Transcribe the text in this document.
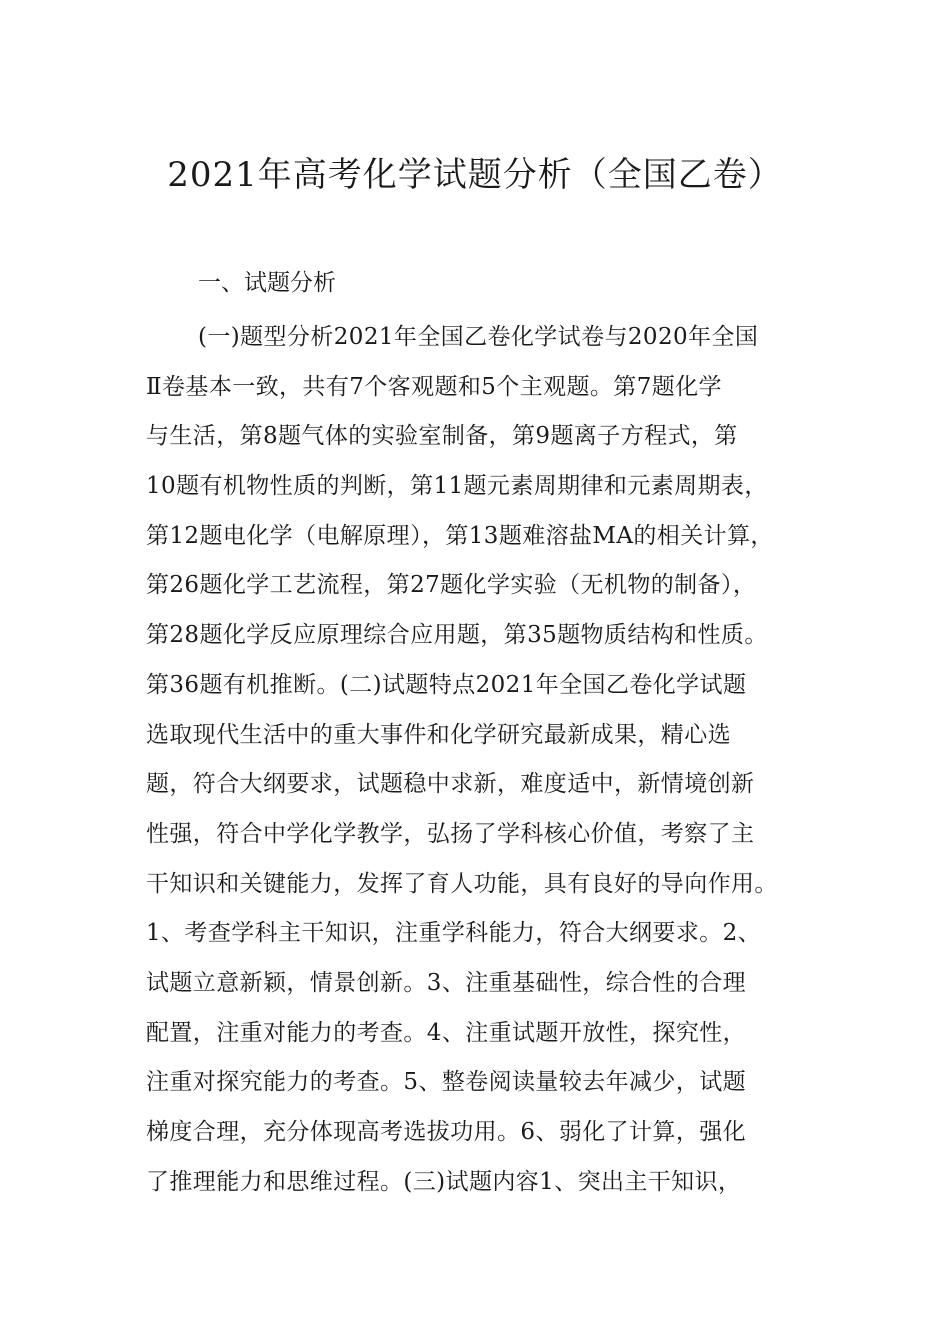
2021年高考化学试题分析（全国乙卷）
一、试题分析
(一)题型分析2021年全国乙卷化学试卷与2020年全国
Ⅱ卷基本一致，共有7个客观题和5个主观题。第7题化学
与生活，第8题气体的实验室制备，第9题离子方程式，第
10题有机物性质的判断，第11题元素周期律和元素周期表，
第12题电化学（电解原理），第13题难溶盐MA的相关计算，
第26题化学工艺流程，第27题化学实验（无机物的制备），
第28题化学反应原理综合应用题，第35题物质结构和性质。
第36题有机推断。(二)试题特点2021年全国乙卷化学试题
选取现代生活中的重大事件和化学研究最新成果，精心选
题，符合大纲要求，试题稳中求新，难度适中，新情境创新
性强，符合中学化学教学，弘扬了学科核心价值，考察了主
干知识和关键能力，发挥了育人功能，具有良好的导向作用。
1、考查学科主干知识，注重学科能力，符合大纲要求。2、
试题立意新颖，情景创新。3、注重基础性，综合性的合理
配置，注重对能力的考查。4、注重试题开放性，探究性，
注重对探究能力的考查。5、整卷阅读量较去年减少，试题
梯度合理，充分体现高考选拔功用。6、弱化了计算，强化
了推理能力和思维过程。(三)试题内容1、突出主干知识，
